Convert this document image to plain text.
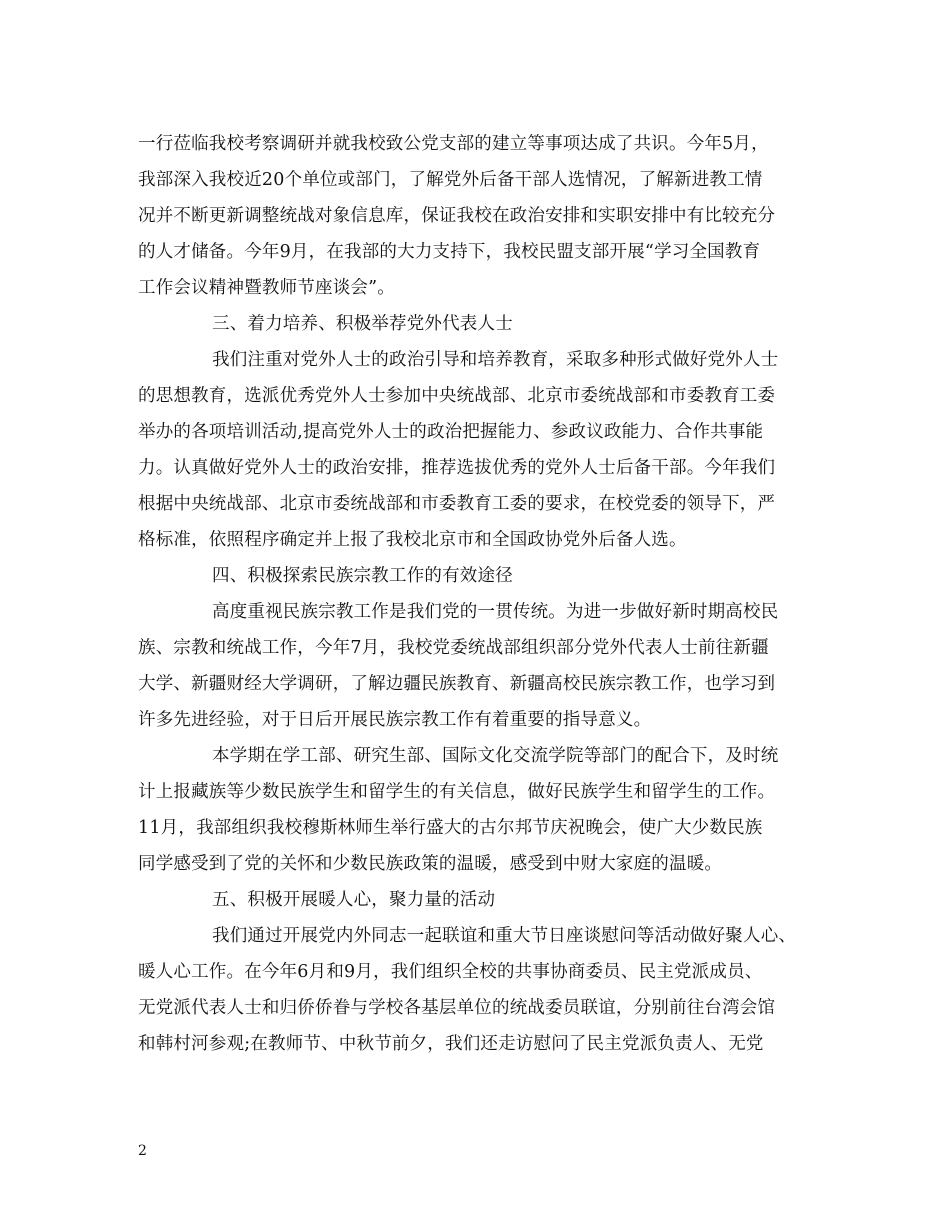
一行莅临我校考察调研并就我校致公党支部的建立等事项达成了共识。今年5月，
我部深入我校近20个单位或部门，了解党外后备干部人选情况，了解新进教工情
况并不断更新调整统战对象信息库，保证我校在政治安排和实职安排中有比较充分
的人才储备。今年9月，在我部的大力支持下，我校民盟支部开展“学习全国教育
工作会议精神暨教师节座谈会”。
三、着力培养、积极举荐党外代表人士
我们注重对党外人士的政治引导和培养教育，采取多种形式做好党外人士
的思想教育，选派优秀党外人士参加中央统战部、北京市委统战部和市委教育工委
举办的各项培训活动,提高党外人士的政治把握能力、参政议政能力、合作共事能
力。认真做好党外人士的政治安排，推荐选拔优秀的党外人士后备干部。今年我们
根据中央统战部、北京市委统战部和市委教育工委的要求，在校党委的领导下，严
格标准，依照程序确定并上报了我校北京市和全国政协党外后备人选。
四、积极探索民族宗教工作的有效途径
高度重视民族宗教工作是我们党的一贯传统。为进一步做好新时期高校民
族、宗教和统战工作，今年7月，我校党委统战部组织部分党外代表人士前往新疆
大学、新疆财经大学调研，了解边疆民族教育、新疆高校民族宗教工作，也学习到
许多先进经验，对于日后开展民族宗教工作有着重要的指导意义。
本学期在学工部、研究生部、国际文化交流学院等部门的配合下，及时统
计上报藏族等少数民族学生和留学生的有关信息，做好民族学生和留学生的工作。
11月，我部组织我校穆斯林师生举行盛大的古尔邦节庆祝晚会，使广大少数民族
同学感受到了党的关怀和少数民族政策的温暖，感受到中财大家庭的温暖。
五、积极开展暖人心，聚力量的活动
我们通过开展党内外同志一起联谊和重大节日座谈慰问等活动做好聚人心、
暖人心工作。在今年6月和9月，我们组织全校的共事协商委员、民主党派成员、
无党派代表人士和归侨侨眷与学校各基层单位的统战委员联谊，分别前往台湾会馆
和韩村河参观;在教师节、中秋节前夕，我们还走访慰问了民主党派负责人、无党
2
